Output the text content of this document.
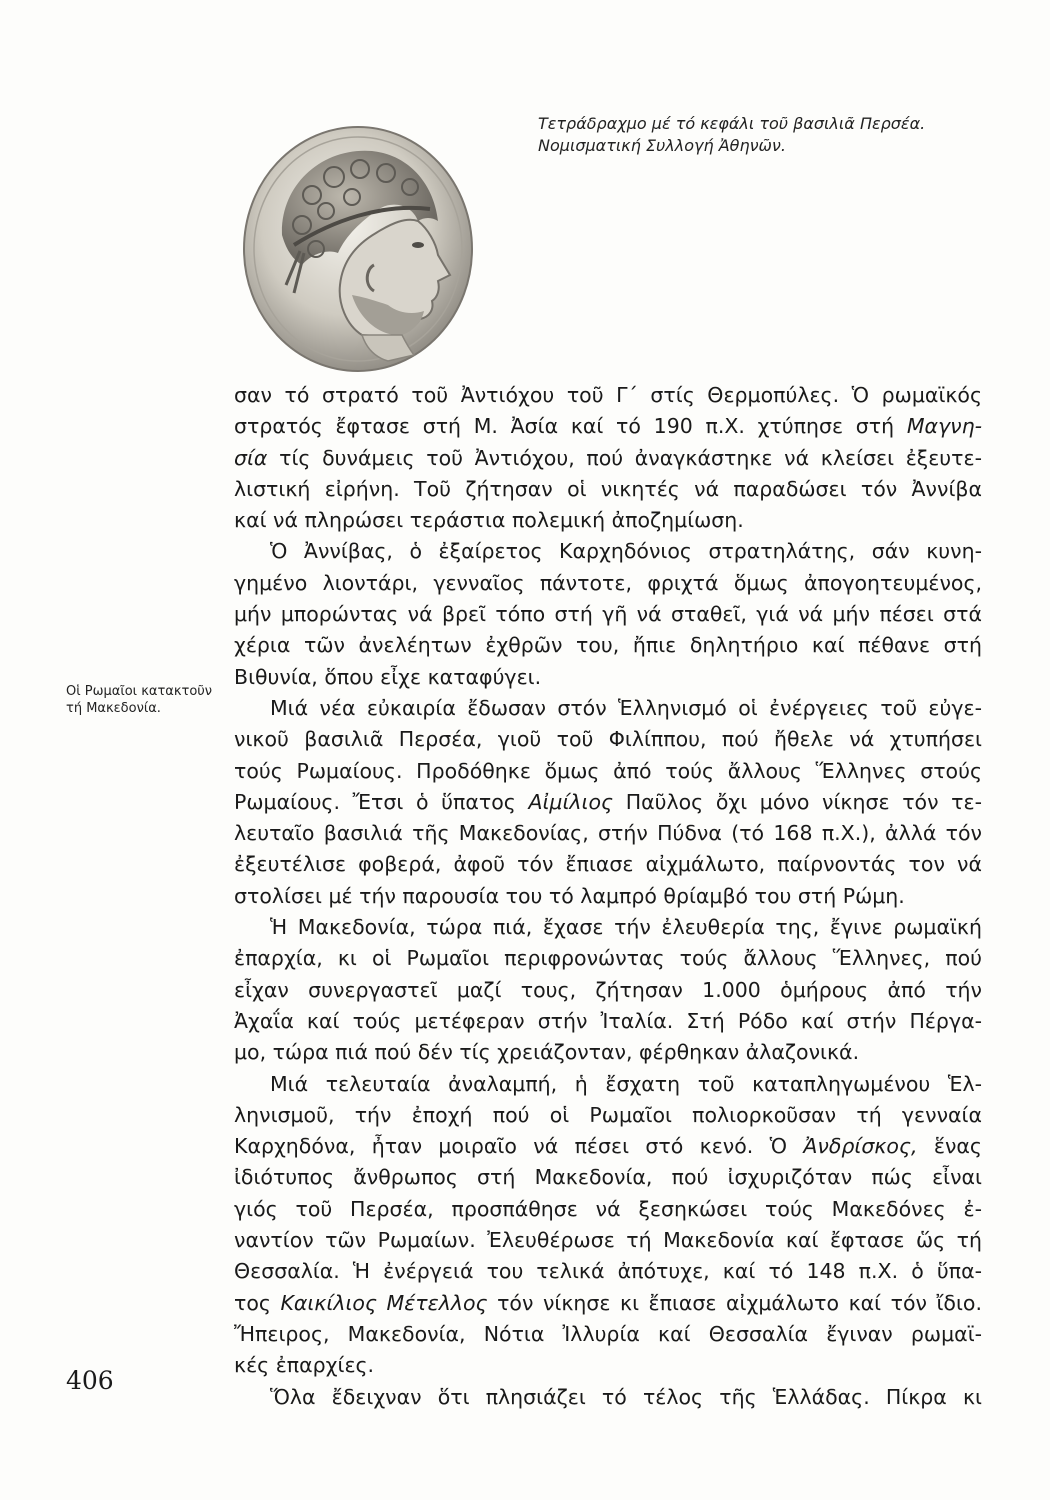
Τετράδραχμο μέ τό κεφάλι τοῦ βασιλιᾶ Περσέα.

Νομισματική Συλλογή Ἀθηνῶν.

Οἱ Ρωμαῖοι κατακτοῦν τή Μακεδονία.
σαν τό στρατό τοῦ Ἀντιόχου τοῦ Γ΄ στίς Θερμοπύλες. Ὁ ρωμαϊκός
στρατός ἔφτασε στή Μ. Ἀσία καί τό 190 π.Χ. χτύπησε στή Μαγνη-
σία τίς δυνάμεις τοῦ Ἀντιόχου, πού ἀναγκάστηκε νά κλείσει ἐξευτε-
λιστική εἰρήνη. Τοῦ ζήτησαν οἱ νικητές νά παραδώσει τόν Ἀννίβα
καί νά πληρώσει τεράστια πολεμική ἀποζημίωση.
Ὁ Ἀννίβας, ὁ ἐξαίρετος Καρχηδόνιος στρατηλάτης, σάν κυνη-
γημένο λιοντάρι, γενναῖος πάντοτε, φριχτά ὅμως ἀπογοητευμένος,
μήν μπορώντας νά βρεῖ τόπο στή γῆ νά σταθεῖ, γιά νά μήν πέσει στά
χέρια τῶν ἀνελέητων ἐχθρῶν του, ἤπιε δηλητήριο καί πέθανε στή
Βιθυνία, ὅπου εἶχε καταφύγει.
Μιά νέα εὐκαιρία ἔδωσαν στόν Ἑλληνισμό οἱ ἐνέργειες τοῦ εὐγε-
νικοῦ βασιλιᾶ Περσέα, γιοῦ τοῦ Φιλίππου, πού ἤθελε νά χτυπήσει
τούς Ρωμαίους. Προδόθηκε ὅμως ἀπό τούς ἄλλους Ἕλληνες στούς
Ρωμαίους. Ἔτσι ὁ ὕπατος Αἰμίλιος Παῦλος ὄχι μόνο νίκησε τόν τε-
λευταῖο βασιλιά τῆς Μακεδονίας, στήν Πύδνα (τό 168 π.Χ.), ἀλλά τόν
ἐξευτέλισε φοβερά, ἀφοῦ τόν ἔπιασε αἰχμάλωτο, παίρνοντάς τον νά
στολίσει μέ τήν παρουσία του τό λαμπρό θρίαμβό του στή Ρώμη.
Ἡ Μακεδονία, τώρα πιά, ἔχασε τήν ἐλευθερία της, ἔγινε ρωμαϊκή
ἐπαρχία, κι οἱ Ρωμαῖοι περιφρονώντας τούς ἄλλους Ἕλληνες, πού
εἶχαν συνεργαστεῖ μαζί τους, ζήτησαν 1.000 ὁμήρους ἀπό τήν
Ἀχαΐα καί τούς μετέφεραν στήν Ἰταλία. Στή Ρόδο καί στήν Πέργα-
μο, τώρα πιά πού δέν τίς χρειάζονταν, φέρθηκαν ἀλαζονικά.
Μιά τελευταία ἀναλαμπή, ἡ ἔσχατη τοῦ καταπληγωμένου Ἑλ-
ληνισμοῦ, τήν ἐποχή πού οἱ Ρωμαῖοι πολιορκοῦσαν τή γενναία
Καρχηδόνα, ἦταν μοιραῖο νά πέσει στό κενό. Ὁ Ἀνδρίσκος, ἕνας
ἰδιότυπος ἄνθρωπος στή Μακεδονία, πού ἰσχυριζόταν πώς εἶναι
γιός τοῦ Περσέα, προσπάθησε νά ξεσηκώσει τούς Μακεδόνες ἐ-
ναντίον τῶν Ρωμαίων. Ἐλευθέρωσε τή Μακεδονία καί ἔφτασε ὥς τή
Θεσσαλία. Ἡ ἐνέργειά του τελικά ἀπότυχε, καί τό 148 π.Χ. ὁ ὕπα-
τος Καικίλιος Μέτελλος τόν νίκησε κι ἔπιασε αἰχμάλωτο καί τόν ἴδιο.
Ἤπειρος, Μακεδονία, Νότια Ἰλλυρία καί Θεσσαλία ἔγιναν ρωμαϊ-
κές ἐπαρχίες.
Ὅλα ἔδειχναν ὅτι πλησιάζει τό τέλος τῆς Ἑλλάδας. Πίκρα κι
406
